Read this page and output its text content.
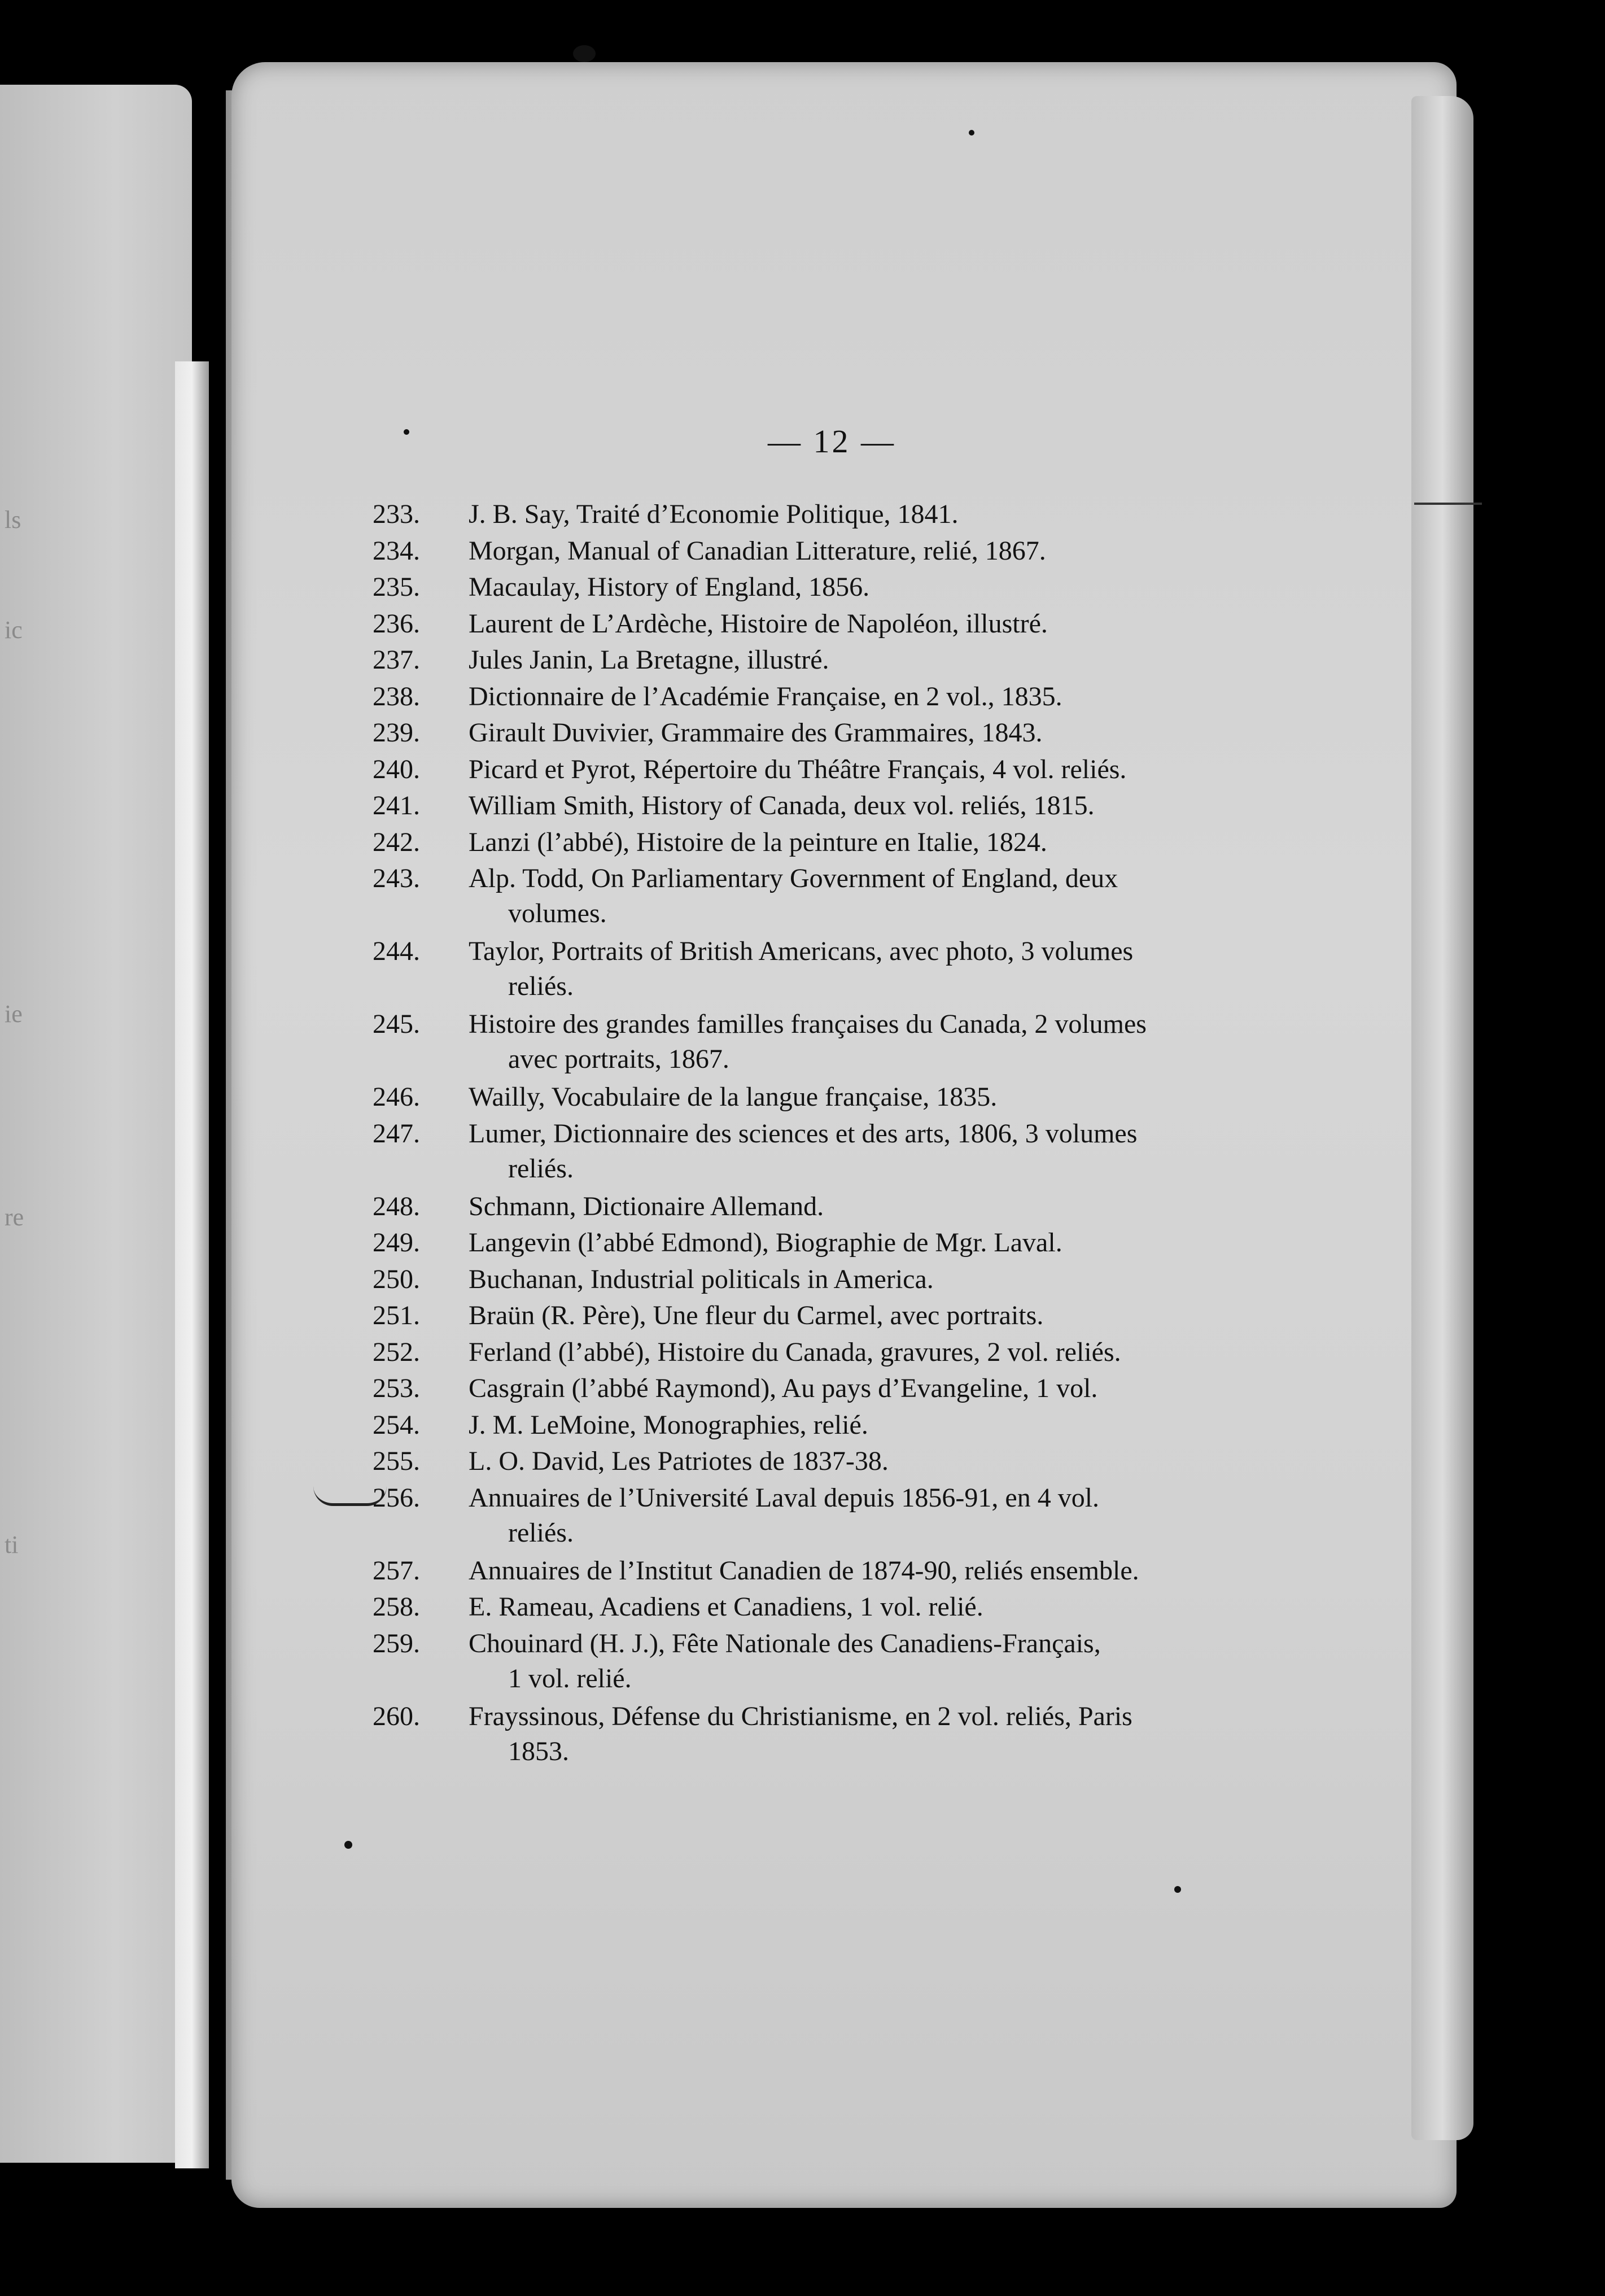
ls
ic
ie
re
ti
— 12 —
233.	J. B. Say, Traité d’Economie Politique, 1841.
234.	Morgan, Manual of Canadian Litterature, relié, 1867.
235.	Macaulay, History of England, 1856.
236.	Laurent de L’Ardèche, Histoire de Napoléon, illustré.
237.	Jules Janin, La Bretagne, illustré.
238.	Dictionnaire de l’Académie Française, en 2 vol., 1835.
239.	Girault Duvivier, Grammaire des Grammaires, 1843.
240.	Picard et Pyrot, Répertoire du Théâtre Français, 4 vol. reliés.
241.	William Smith, History of Canada, deux vol. reliés, 1815.
242.	Lanzi (l’abbé), Histoire de la peinture en Italie, 1824.
243.	Alp. Todd, On Parliamentary Government of England, deux
volumes.
244.	Taylor, Portraits of British Americans, avec photo, 3 volumes
reliés.
245.	Histoire des grandes familles françaises du Canada, 2 volumes
avec portraits, 1867.
246.	Wailly, Vocabulaire de la langue française, 1835.
247.	Lumer, Dictionnaire des sciences et des arts, 1806, 3 volumes
reliés.
248.	Schmann, Dictionaire Allemand.
249.	Langevin (l’abbé Edmond), Biographie de Mgr. Laval.
250.	Buchanan, Industrial politicals in America.
251.	Braün (R. Père), Une fleur du Carmel, avec portraits.
252.	Ferland (l’abbé), Histoire du Canada, gravures, 2 vol. reliés.
253.	Casgrain (l’abbé Raymond), Au pays d’Evangeline, 1 vol.
254.	J. M. LeMoine, Monographies, relié.
255.	L. O. David, Les Patriotes de 1837-38.
256.	Annuaires de l’Université Laval depuis 1856-91, en 4 vol.
reliés.
257.	Annuaires de l’Institut Canadien de 1874-90, reliés ensemble.
258.	E. Rameau, Acadiens et Canadiens, 1 vol. relié.
259.	Chouinard (H. J.), Fête Nationale des Canadiens-Français,
1 vol. relié.
260.	Frayssinous, Défense du Christianisme, en 2 vol. reliés, Paris
1853.
